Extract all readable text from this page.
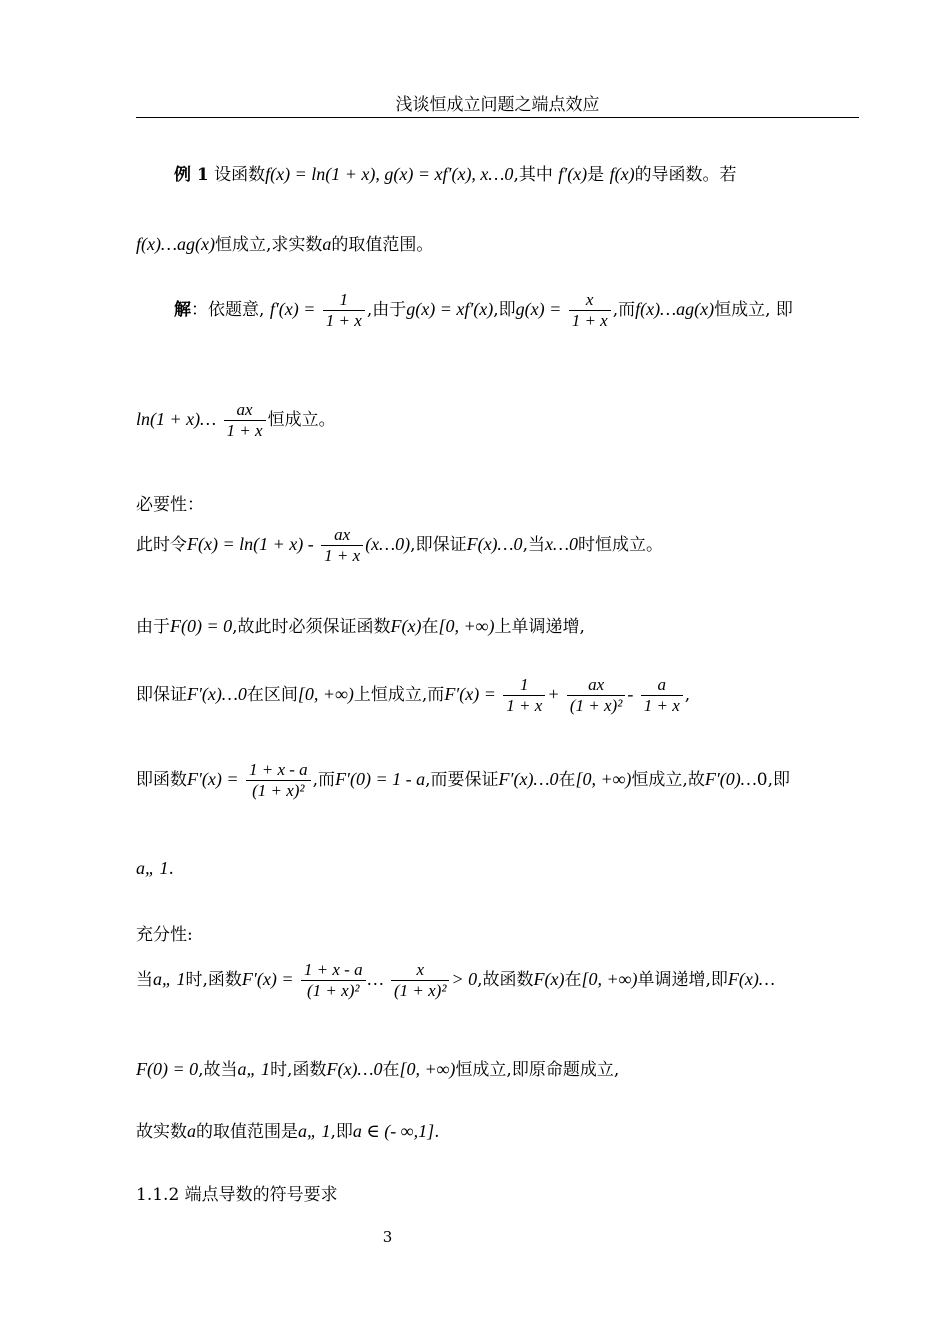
浅谈恒成立问题之端点效应
例 1 设函数f(x) = ln(1 + x), g(x) = xf′(x), x…0,其中 f′(x)是 f(x)的导函数。若
f(x)…ag(x)恒成立,求实数a的取值范围。
解：依题意, $f'(x) = \frac{1}{1 + x}$ ,由于g(x) = xf′(x),即$g(x) = \frac{x}{1 + x}$ ,而f(x)…ag(x)恒成立, 即
ln(1 + x)… $\frac{ax}{1 + x}$ 恒成立。
必要性：
此时令$F(x) = \ln(1 + x) - \frac{ax}{1 + x}$ (x…0),即保证F(x)…0,当x…0时恒成立。
由于F(0) = 0,故此时必须保证函数F(x)在[0, +∞)上单调递增,
即保证F′(x)…0在区间[0, +∞)上恒成立,而$F'(x) = \frac{1}{1 + x} + \frac{ax}{\text{(1 + x)²}} - \frac{a}{1 + x}$ ,
即函数$F'(x) = \frac{1 + x - a}{\text{(1 + x)²}}$ ,而F′(0) = 1 - a,而要保证F′(x)…0在[0, +∞)恒成立,故F′(0)…0,即
a„ 1.
充分性:
当a„ 1时,函数$F'(x) = \frac{1 + x - a}{\text{(1 + x)²}}$ … $\frac{x}{\text{(1 + x)²}} > 0$,故函数F(x)在[0, +∞)单调递增,即F(x)…
F(0) = 0,故当a„ 1时,函数F(x)…0在[0, +∞)恒成立,即原命题成立,
故实数a的取值范围是a„ 1,即a ∈ (- ∞,1].
1.1.2 端点导数的符号要求
3
